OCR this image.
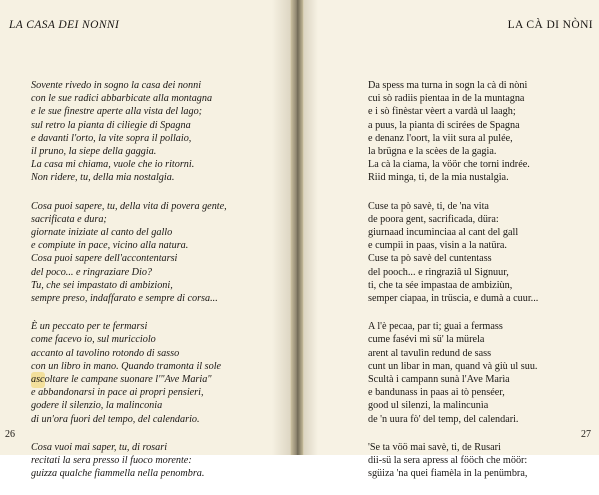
LA CASA DEI NONNI
Sovente rivedo in sogno la casa dei nonni
con le sue radici abbarbicate alla montagna
e le sue finestre aperte alla vista del lago;
sul retro la pianta di ciliegie di Spagna
e davanti l'orto, la vite sopra il pollaio,
il pruno, la siepe della gaggia.
La casa mi chiama, vuole che io ritorni.
Non ridere, tu, della mia nostalgia.
Cosa puoi sapere, tu, della vita di povera gente,
sacrificata e dura;
giornate iniziate al canto del gallo
e compiute in pace, vicino alla natura.
Cosa puoi sapere dell'accontentarsi
del poco... e ringraziare Dio?
Tu, che sei impastato di ambizioni,
sempre preso, indaffarato e sempre di corsa...
È un peccato per te fermarsi
come facevo io, sul muricciolo
accanto al tavolino rotondo di sasso
con un libro in mano. Quando tramonta il sole
ascoltare le campane suonare l'"Ave Maria"
e abbandonarsi in pace ai propri pensieri,
godere il silenzio, la malinconia
di un'ora fuori del tempo, del calendario.
Cosa vuoi mai saper, tu, di rosari
recitati la sera presso il fuoco morente:
guizza qualche fiammella nella penombra.
26
LA CÀ DI NÒNI
Da spess ma turna in sogn la cà di nòni
cui sò radiis pientaa in de la muntagna
e i sò finèstar vèert a vardà ul laagh;
a puus, la pianta di scirées de Spagna
e denanz l'oort, la viit sura al pulée,
la brügna e la scèes de la gagia.
La cà la ciama, la vöör che torni indrée.
Riid minga, ti, de la mia nustalgia.
Cuse ta pò savè, ti, de 'na vita
de poora gent, sacrificada, düra:
giurnaad incuminciaa al cant del gall
e cumpii in paas, visin a la natüra.
Cuse ta pò savè del cuntentass
del pooch... e ringraziâ ul Signuur,
ti, che ta sée impastaa de ambiziùn,
semper ciapaa, in trüscia, e dumà a cuur...
A l'è pecaa, par ti; guai a fermass
cume fasévi mì sü' la mürela
arent al tavulìn redund de sass
cunt un libar in man, quand và giù ul suu.
Scultà i campann sunà l'Ave Marìa
e bandunass in paas ai tò penséer,
good ul silenzi, la malincunìa
de 'n uura fò' del temp, del calendari.
'Se ta vöö mai savè, ti, de Rusari
dii-sü la sera apress al fööch che möör:
sgüiza 'na quei fiamèla in la penümbra,
27
